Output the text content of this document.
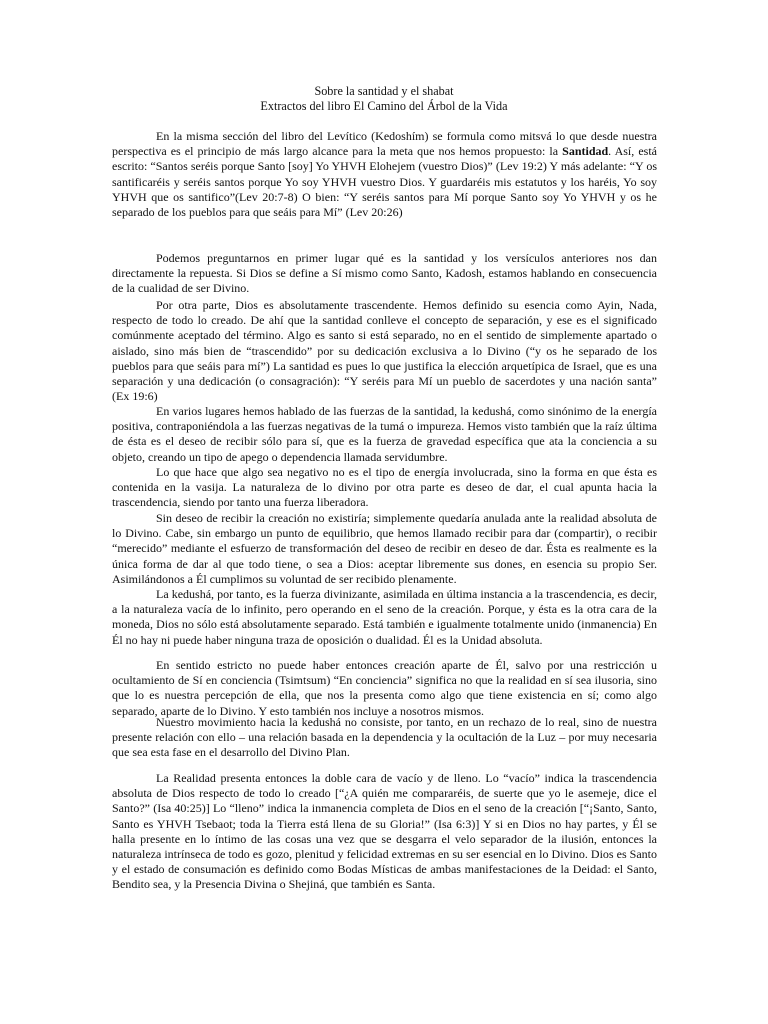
Sobre la santidad y el shabat
Extractos del libro El Camino del Árbol de la Vida

En la misma sección del libro del Levítico (Kedoshím) se formula como mitsvá lo que desde nuestra perspectiva es el principio de más largo alcance para la meta que nos hemos propuesto: la Santidad. Así, está escrito: “Santos seréis porque Santo [soy] Yo YHVH Elohejem (vuestro Dios)” (Lev 19:2) Y más adelante: “Y os santificaréis y seréis santos porque Yo soy YHVH vuestro Dios. Y guardaréis mis estatutos y los haréis, Yo soy YHVH que os santifico”(Lev 20:7-8) O bien: “Y seréis santos para Mí porque Santo soy Yo YHVH y os he separado de los pueblos para que seáis para Mí” (Lev 20:26)

Podemos preguntarnos en primer lugar qué es la santidad y los versículos anteriores nos dan directamente la repuesta. Si Dios se define a Sí mismo como Santo, Kadosh, estamos hablando en consecuencia de la cualidad de ser Divino.

Por otra parte, Dios es absolutamente trascendente. Hemos definido su esencia como Ayin, Nada, respecto de todo lo creado. De ahí que la santidad conlleve el concepto de separación, y ese es el significado comúnmente aceptado del término. Algo es santo si está separado, no en el sentido de simplemente apartado o aislado, sino más bien de “trascendido” por su dedicación exclusiva a lo Divino (“y os he separado de los pueblos para que seáis para mí”) La santidad es pues lo que justifica la elección arquetípica de Israel, que es una separación y una dedicación (o consagración): “Y seréis para Mí un pueblo de sacerdotes y una nación santa” (Ex 19:6)

En varios lugares hemos hablado de las fuerzas de la santidad, la kedushá, como sinónimo de la energía positiva, contraponiéndola a las fuerzas negativas de la tumá o impureza. Hemos visto también que la raíz última de ésta es el deseo de recibir sólo para sí, que es la fuerza de gravedad específica que ata la conciencia a su objeto, creando un tipo de apego o dependencia llamada servidumbre.

Lo que hace que algo sea negativo no es el tipo de energía involucrada, sino la forma en que ésta es contenida en la vasija. La naturaleza de lo divino por otra parte es deseo de dar, el cual apunta hacia la trascendencia, siendo por tanto una fuerza liberadora.

Sin deseo de recibir la creación no existiría; simplemente quedaría anulada ante la realidad absoluta de lo Divino. Cabe, sin embargo un punto de equilibrio, que hemos llamado recibir para dar (compartir), o recibir “merecido” mediante el esfuerzo de transformación del deseo de recibir en deseo de dar. Ésta es realmente es la única forma de dar al que todo tiene, o sea a Dios: aceptar libremente sus dones, en esencia su propio Ser. Asimilándonos a Él cumplimos su voluntad de ser recibido plenamente.

La kedushá, por tanto, es la fuerza divinizante, asimilada en última instancia a la trascendencia, es decir, a la naturaleza vacía de lo infinito, pero operando en el seno de la creación. Porque, y ésta es la otra cara de la moneda, Dios no sólo está absolutamente separado. Está también e igualmente totalmente unido (inmanencia) En Él no hay ni puede haber ninguna traza de oposición o dualidad. Él es la Unidad absoluta.

En sentido estricto no puede haber entonces creación aparte de Él, salvo por una restricción u ocultamiento de Sí en conciencia (Tsimtsum) “En conciencia” significa no que la realidad en sí sea ilusoria, sino que lo es nuestra percepción de ella, que nos la presenta como algo que tiene existencia en sí; como algo separado, aparte de lo Divino. Y esto también nos incluye a nosotros mismos.

Nuestro movimiento hacia la kedushá no consiste, por tanto, en un rechazo de lo real, sino de nuestra presente relación con ello – una relación basada en la dependencia y la ocultación de la Luz – por muy necesaria que sea esta fase en el desarrollo del Divino Plan.

La Realidad presenta entonces la doble cara de vacío y de lleno. Lo “vacío” indica la trascendencia absoluta de Dios respecto de todo lo creado [“¿A quién me compararéis, de suerte que yo le asemeje, dice el Santo?” (Isa 40:25)] Lo “lleno” indica la inmanencia completa de Dios en el seno de la creación [“¡Santo, Santo, Santo es YHVH Tsebaot; toda la Tierra está llena de su Gloria!” (Isa 6:3)] Y si en Dios no hay partes, y Él se halla presente en lo íntimo de las cosas una vez que se desgarra el velo separador de la ilusión, entonces la naturaleza intrínseca de todo es gozo, plenitud y felicidad extremas en su ser esencial en lo Divino. Dios es Santo y el estado de consumación es definido como Bodas Místicas de ambas manifestaciones de la Deidad: el Santo, Bendito sea, y la Presencia Divina o Shejiná, que también es Santa.
